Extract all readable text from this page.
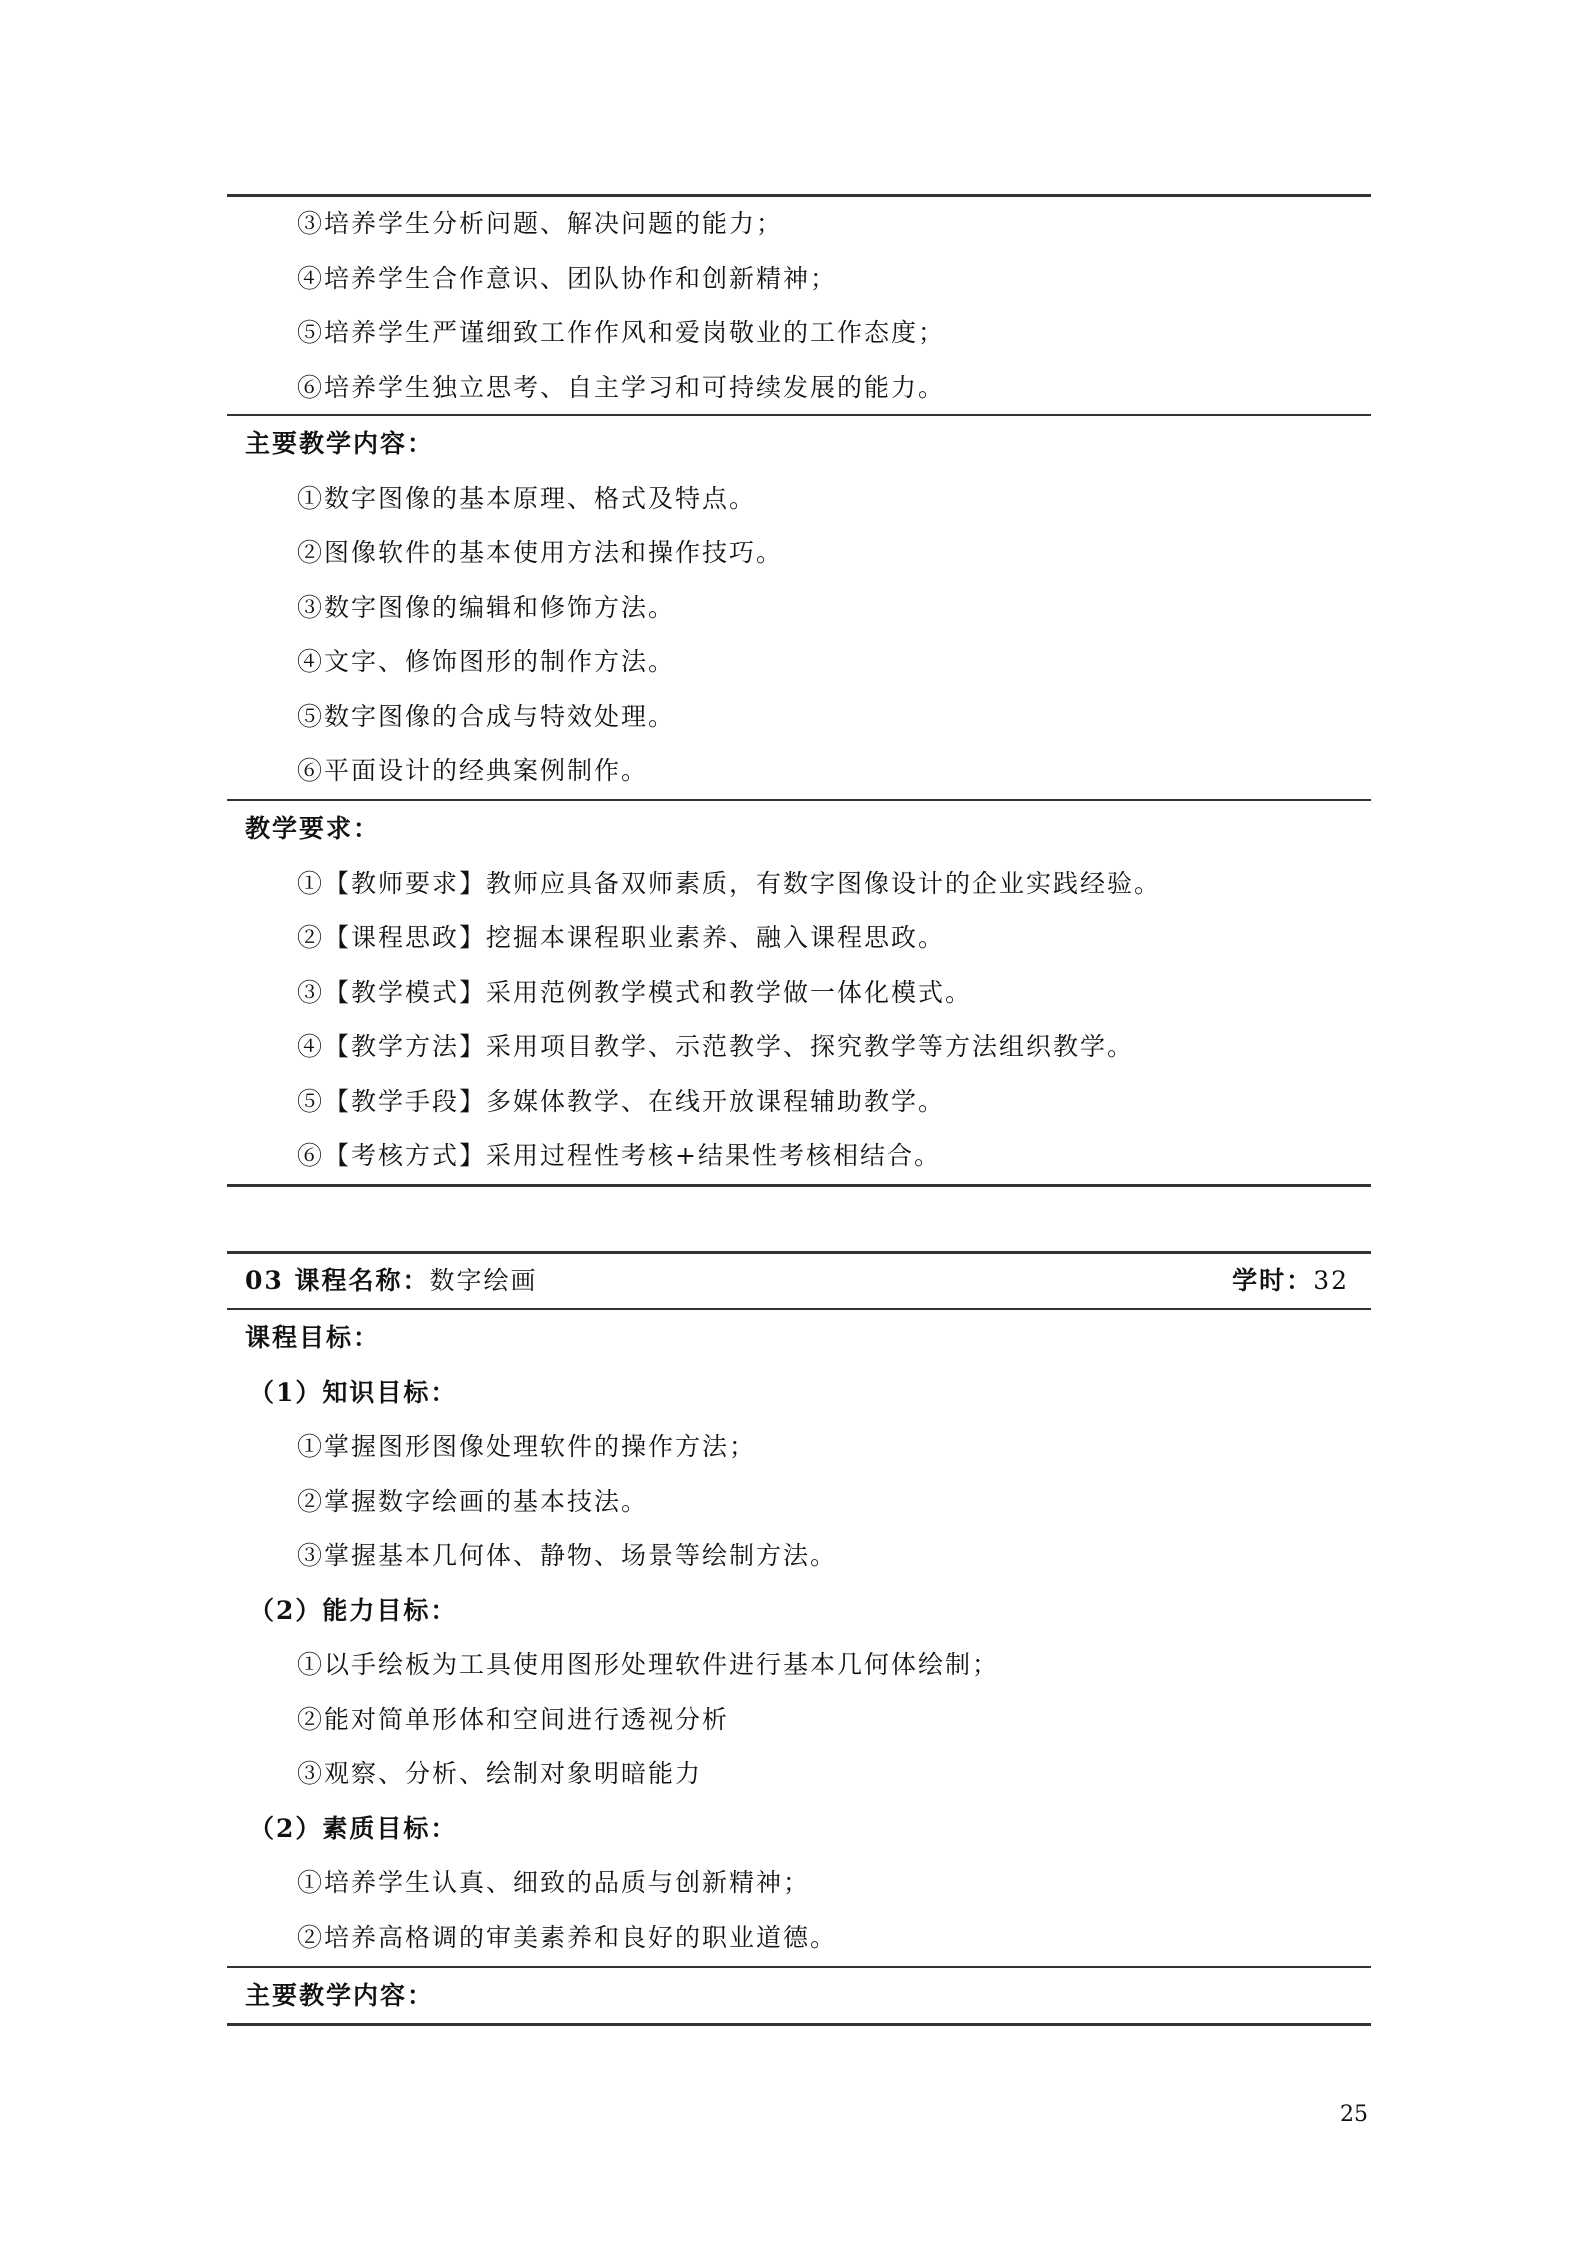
③培养学生分析问题、解决问题的能力；
④培养学生合作意识、团队协作和创新精神；
⑤培养学生严谨细致工作作风和爱岗敬业的工作态度；
⑥培养学生独立思考、自主学习和可持续发展的能力。
主要教学内容：
①数字图像的基本原理、格式及特点。
②图像软件的基本使用方法和操作技巧。
③数字图像的编辑和修饰方法。
④文字、修饰图形的制作方法。
⑤数字图像的合成与特效处理。
⑥平面设计的经典案例制作。
教学要求：
①【教师要求】教师应具备双师素质，有数字图像设计的企业实践经验。
②【课程思政】挖掘本课程职业素养、融入课程思政。
③【教学模式】采用范例教学模式和教学做一体化模式。
④【教学方法】采用项目教学、示范教学、探究教学等方法组织教学。
⑤【教学手段】多媒体教学、在线开放课程辅助教学。
⑥【考核方式】采用过程性考核+结果性考核相结合。
03 课程名称：数字绘画	学时：32
课程目标：
（1）知识目标：
①掌握图形图像处理软件的操作方法；
②掌握数字绘画的基本技法。
③掌握基本几何体、静物、场景等绘制方法。
（2）能力目标：
①以手绘板为工具使用图形处理软件进行基本几何体绘制；
②能对简单形体和空间进行透视分析
③观察、分析、绘制对象明暗能力
（2）素质目标：
①培养学生认真、细致的品质与创新精神；
②培养高格调的审美素养和良好的职业道德。
主要教学内容：
25
